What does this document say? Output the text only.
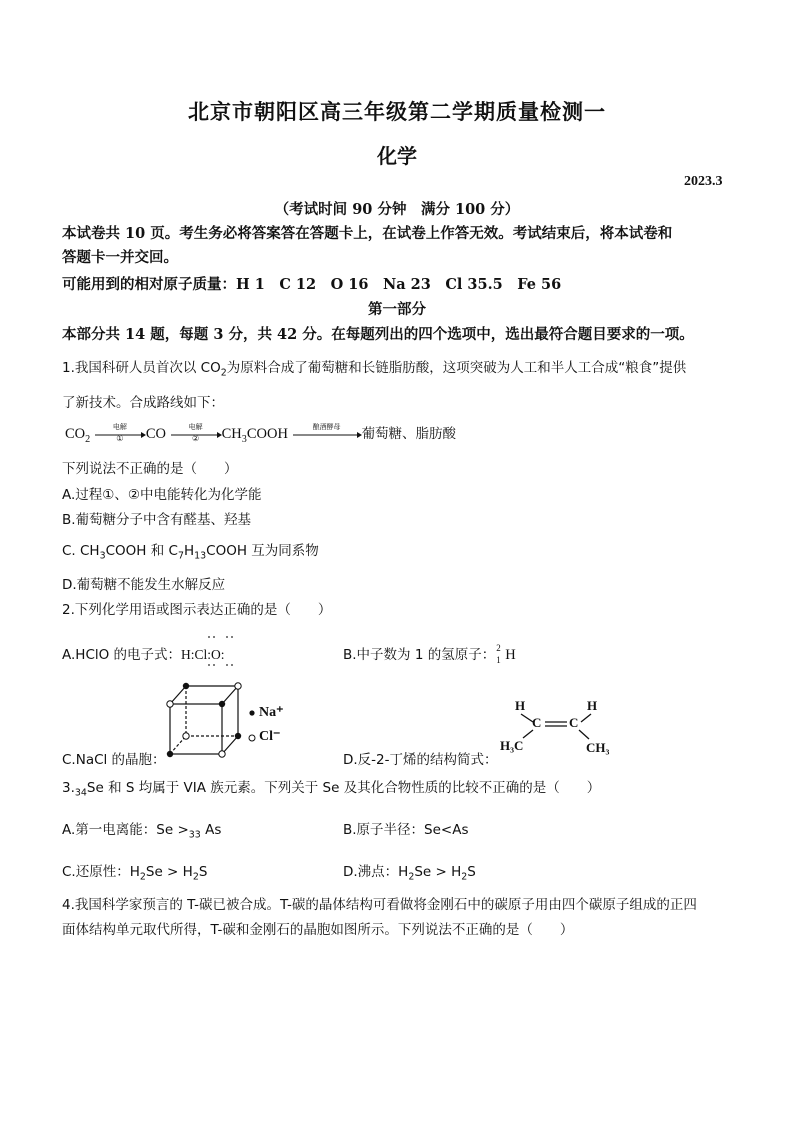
北京市朝阳区高三年级第二学期质量检测一
化学
2023.3
（考试时间 90 分钟　满分 100 分）
本试卷共 10 页。考生务必将答案答在答题卡上，在试卷上作答无效。考试结束后，将本试卷和
答题卡一并交回。
可能用到的相对原子质量：H 1　C 12　O 16　Na 23　Cl 35.5　Fe 56
第一部分
本部分共 14 题，每题 3 分，共 42 分。在每题列出的四个选项中，选出最符合题目要求的一项。
1.我国科研人员首次以 $CO_2$为原料合成了葡萄糖和长链脂肪酸，这项突破为人工和半人工合成“粮食”提供
了新技术。合成路线如下：
$CO_2$
电解
①	CO	电解
②	$CH_3COOH$	酿酒酵母	葡萄糖、脂肪酸
下列说法不正确的是（　　）
A.过程①、②中电能转化为化学能
B.葡萄糖分子中含有醛基、羟基
C. $CH_3COOH$ 和 $C_7H_{13}COOH$ 互为同系物
D.葡萄糖不能发生水解反应
2.下列化学用语或图示表达正确的是（　　）
A.HClO 的电子式：H:Cl:O:	B.中子数为 1 的氢原子： 2
1 H
C.NaCl 的晶胞：
Na⁺
Cl⁻
D.反-2-丁烯的结构简式：
H	H
C C
H₃C	CH₃
$3._{34}Se$ 和 S 均属于 VIA 族元素。下列关于 Se 及其化合物性质的比较不正确的是（　　）
A.第一电离能：$Se >_{33}$ As	B.原子半径：Se<As
C.还原性：$H_2Se > H_2S$	D.沸点：$H_2Se > H_2S$
4.我国科学家预言的 T-碳已被合成。T-碳的晶体结构可看做将金刚石中的碳原子用由四个碳原子组成的正四
面体结构单元取代所得，T-碳和金刚石的晶胞如图所示。下列说法不正确的是（　　）
